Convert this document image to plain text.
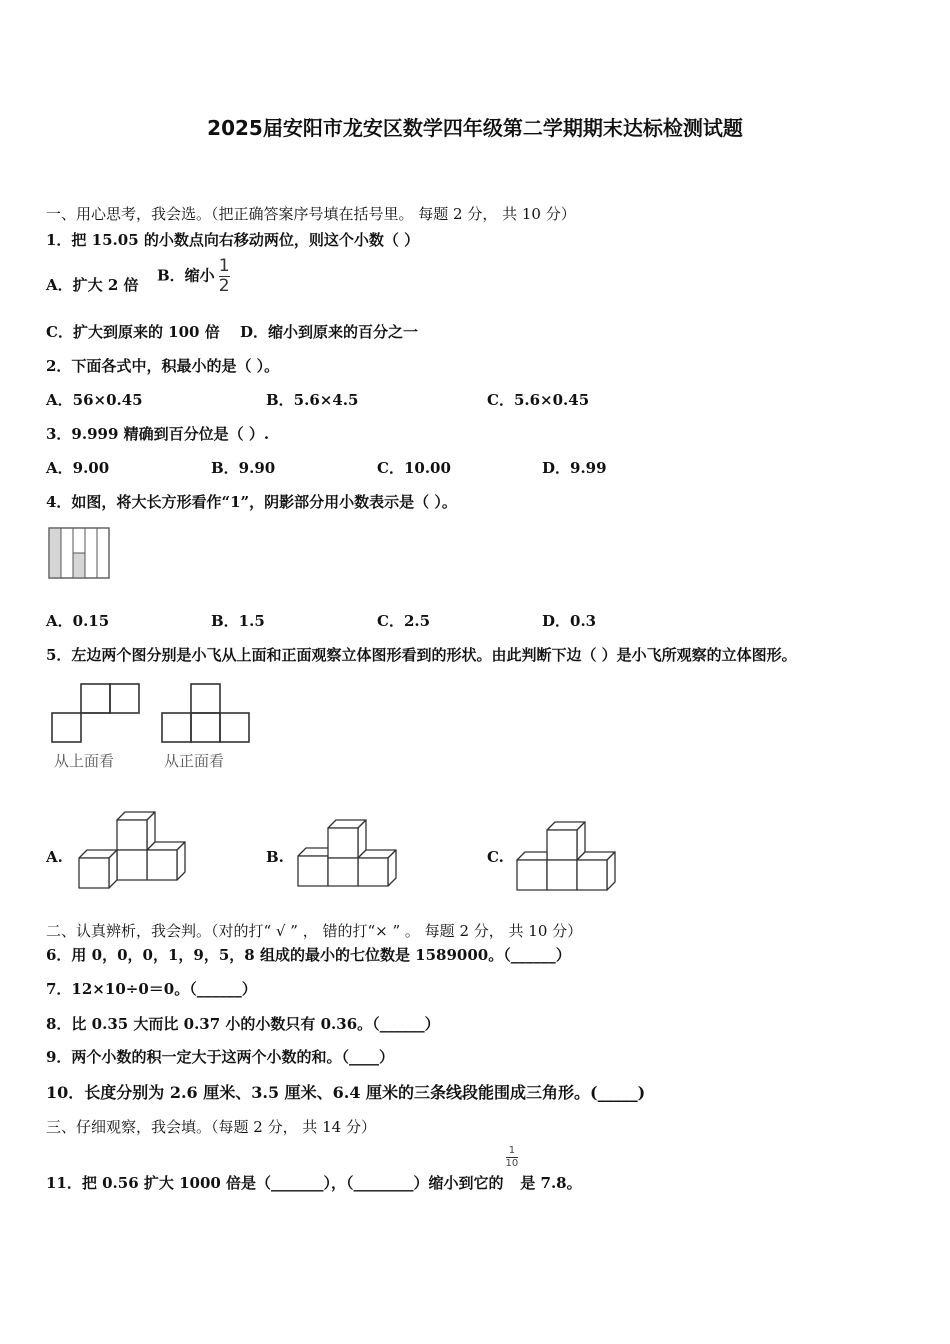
2025届安阳市龙安区数学四年级第二学期期末达标检测试题
一、用心思考，我会选。（把正确答案序号填在括号里。 每题 2 分， 共 10 分）
1．把 15.05 的小数点向右移动两位，则这个小数（ ）
A．扩大 2 倍
B．缩小 $\frac{1}{2}$
C．扩大到原来的 100 倍 D．缩小到原来的百分之一
2．下面各式中，积最小的是（ ）。
A．56×0.45	B．5.6×4.5	C．5.6×0.45
3．9.999 精确到百分位是（ ）.
A．9.00	B．9.90	C．10.00	D．9.99
4．如图，将大长方形看作“1”，阴影部分用小数表示是（ ）。
A．0.15	B．1.5	C．2.5	D．0.3
5．左边两个图分别是小飞从上面和正面观察立体图形看到的形状。由此判断下边（ ）是小飞所观察的立体图形。
从上面看	从正面看
A.	B.	C.
二、认真辨析，我会判。（对的打“ √ ” ， 错的打“× ” 。 每题 2 分， 共 10 分）
6．用 0，0，0，1，9，5，8 组成的最小的七位数是 1589000。（______）
7．12×10÷0＝0。（______）
8．比 0.35 大而比 0.37 小的小数只有 0.36。（______）
9．两个小数的积一定大于这两个小数的和。（____）
10．长度分别为 2.6 厘米、3.5 厘米、6.4 厘米的三条线段能围成三角形。(_____)
三、仔细观察，我会填。（每题 2 分， 共 14 分）
11．把 0.56 扩大 1000 倍是（_______），（________）缩小到它的
$\frac{1}{10}$
是 7.8。
